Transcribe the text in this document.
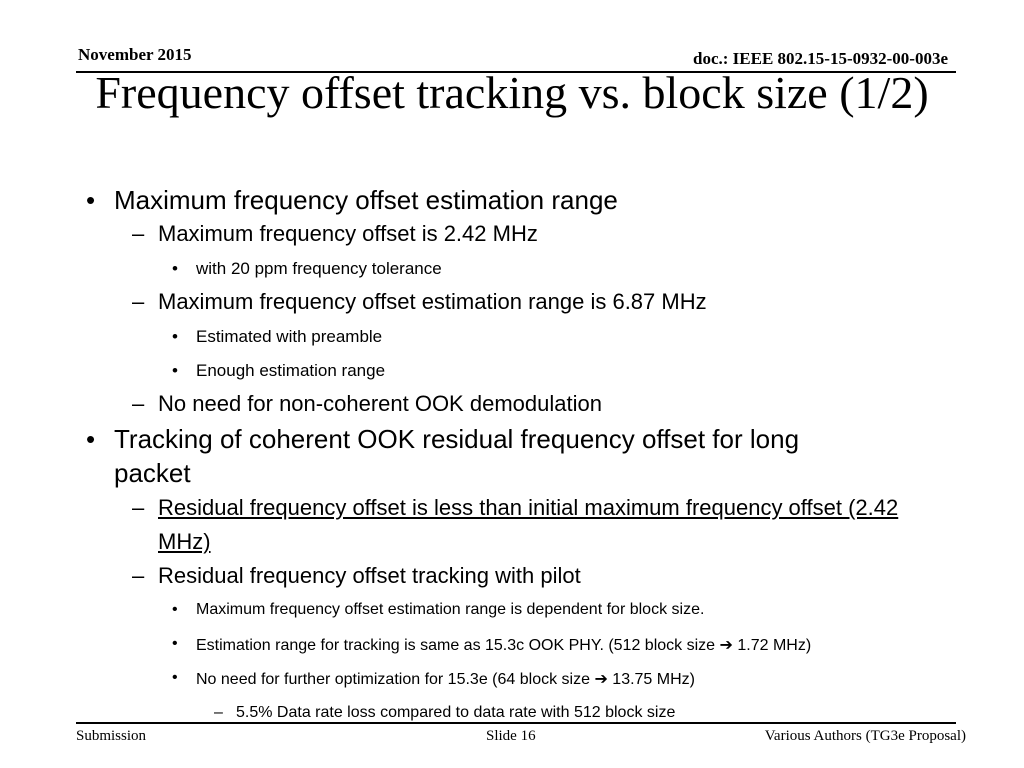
November 2015	doc.: IEEE 802.15-15-0932-00-003e
Frequency offset tracking vs. block size (1/2)
• Maximum frequency offset estimation range
– Maximum frequency offset is 2.42 MHz
• with 20 ppm frequency tolerance
– Maximum frequency offset estimation range is 6.87 MHz
• Estimated with preamble
• Enough estimation range
– No need for non-coherent OOK demodulation
• Tracking of coherent OOK residual frequency offset for long
packet
– Residual frequency offset is less than initial maximum frequency offset (2.42
MHz)
– Residual frequency offset tracking with pilot
• Maximum frequency offset estimation range is dependent for block size.
• Estimation range for tracking is same as 15.3c OOK PHY. (512 block size ➔ 1.72 MHz)
• No need for further optimization for 15.3e (64 block size ➔ 13.75 MHz)
– 5.5% Data rate loss compared to data rate with 512 block size
Submission	Slide 16	Various Authors (TG3e Proposal)
